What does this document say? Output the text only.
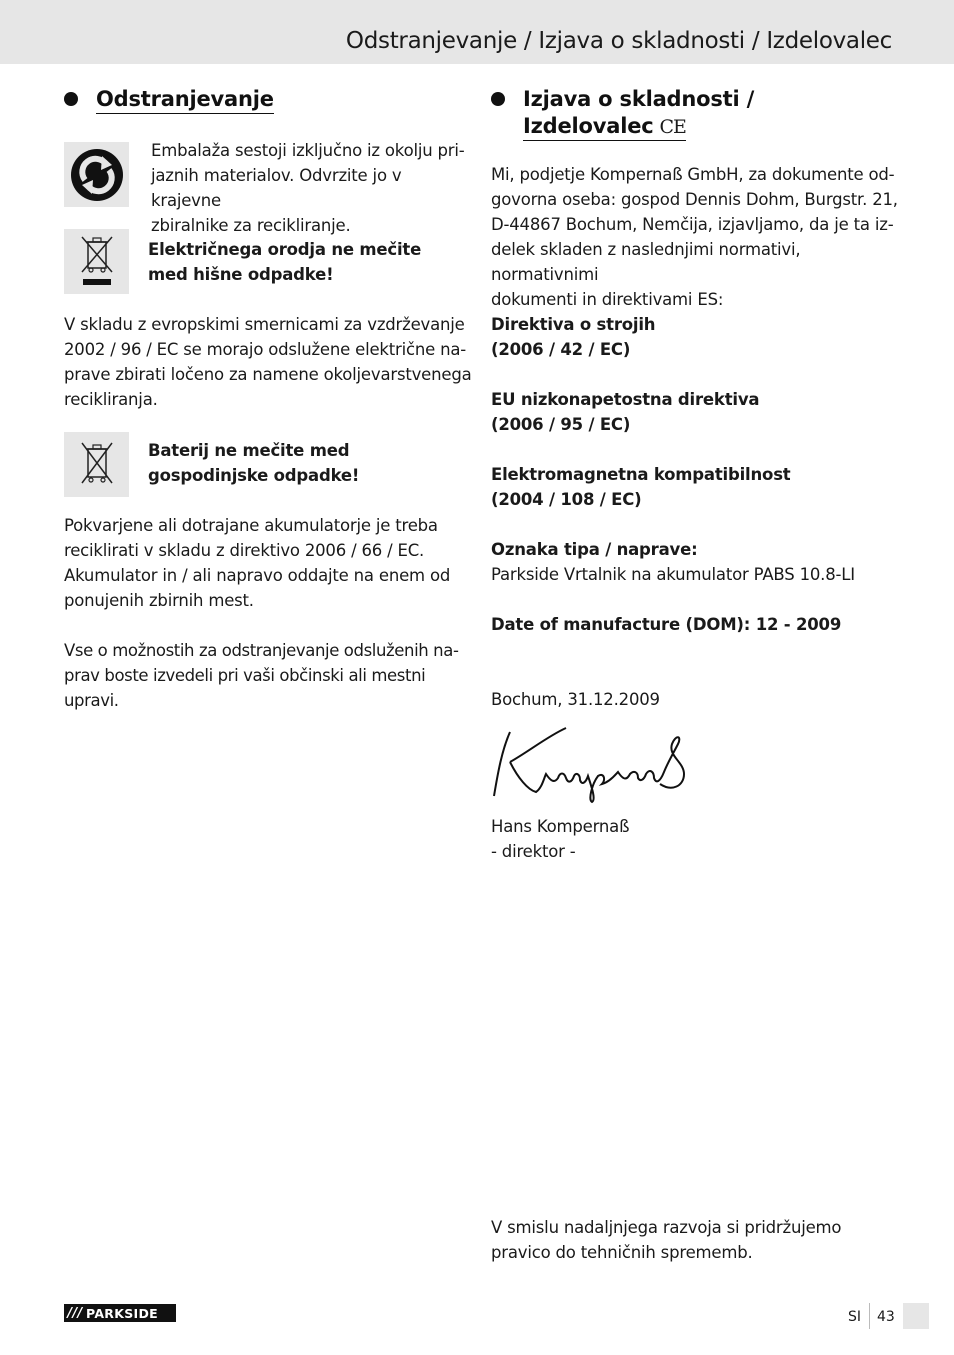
Odstranjevanje / Izjava o skladnosti / Izdelovalec
Odstranjevanje

Embalaža sestoji izključno iz okolju pri-

jaznih materialov. Odvrzite jo v krajevne

zbiralnike za recikliranje.

Električnega orodja ne mečite

med hišne odpadke!

V skladu z evropskimi smernicami za vzdrževanje

2002 / 96 / EC se morajo odslužene električne na-

prave zbirati ločeno za namene okoljevarstvenega

recikliranja.

Baterij ne mečite med

gospodinjske odpadke!

Pokvarjene ali dotrajane akumulatorje je treba

reciklirati v skladu z direktivo 2006 / 66 / EC.

Akumulator in / ali napravo oddajte na enem od

ponujenih zbirnih mest.

Vse o možnostih za odstranjevanje odsluženih na-

prav boste izvedeli pri vaši občinski ali mestni upravi.

Izjava o skladnosti /
Izdelovalec CE

Mi, podjetje Kompernaß GmbH, za dokumente od-

govorna oseba: gospod Dennis Dohm, Burgstr. 21,

D-44867 Bochum, Nemčija, izjavljamo, da je ta iz-

delek skladen z naslednjimi normativi, normativnimi

dokumenti in direktivami ES:

Direktiva o strojih

(2006 / 42 / EC)

EU nizkonapetostna direktiva

(2006 / 95 / EC)

Elektromagnetna kompatibilnost

(2004 / 108 / EC)

Oznaka tipa / naprave:

Parkside Vrtalnik na akumulator PABS 10.8-LI

Date of manufacture (DOM): 12 - 2009

Bochum, 31.12.2009

Hans Kompernaß

- direktor -

V smislu nadaljnjega razvoja si pridržujemo

pravico do tehničnih sprememb.

/// PARKSIDE	SI 43
